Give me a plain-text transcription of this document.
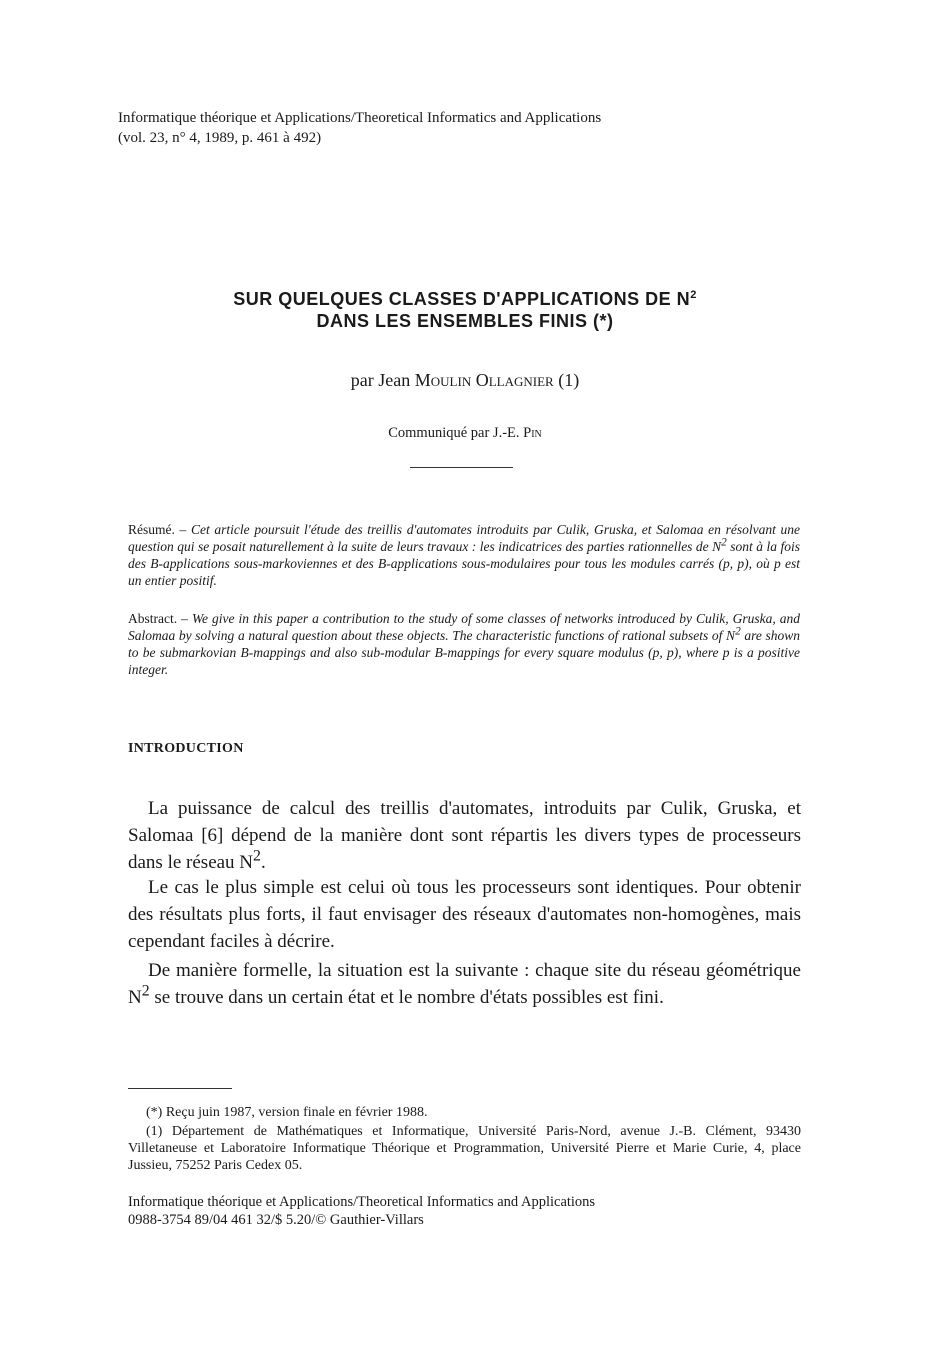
Informatique théorique et Applications/Theoretical Informatics and Applications
(vol. 23, n° 4, 1989, p. 461 à 492)
SUR QUELQUES CLASSES D'APPLICATIONS DE $N^2$
DANS LES ENSEMBLES FINIS (*)
par Jean Moulin Ollagnier (1)
Communiqué par J.-E. Pin
Résumé. – Cet article poursuit l'étude des treillis d'automates introduits par Culik, Gruska, et Salomaa en résolvant une question qui se posait naturellement à la suite de leurs travaux : les indicatrices des parties rationnelles de $N^2$ sont à la fois des B-applications sous-markoviennes et des B-applications sous-modulaires pour tous les modules carrés (p, p), où p est un entier positif.
Abstract. – We give in this paper a contribution to the study of some classes of networks introduced by Culik, Gruska, and Salomaa by solving a natural question about these objects. The characteristic functions of rational subsets of $N^2$ are shown to be submarkovian B-mappings and also sub-modular B-mappings for every square modulus (p, p), where p is a positive integer.
INTRODUCTION
La puissance de calcul des treillis d'automates, introduits par Culik, Gruska, et Salomaa [6] dépend de la manière dont sont répartis les divers types de processeurs dans le réseau $N^2$.
Le cas le plus simple est celui où tous les processeurs sont identiques. Pour obtenir des résultats plus forts, il faut envisager des réseaux d'automates non-homogènes, mais cependant faciles à décrire.
De manière formelle, la situation est la suivante : chaque site du réseau géométrique $N^2$ se trouve dans un certain état et le nombre d'états possibles est fini.
(*) Reçu juin 1987, version finale en février 1988.
(1) Département de Mathématiques et Informatique, Université Paris-Nord, avenue J.-B. Clément, 93430 Villetaneuse et Laboratoire Informatique Théorique et Programmation, Université Pierre et Marie Curie, 4, place Jussieu, 75252 Paris Cedex 05.
Informatique théorique et Applications/Theoretical Informatics and Applications
0988-3754 89/04 461 32/$ 5.20/© Gauthier-Villars
